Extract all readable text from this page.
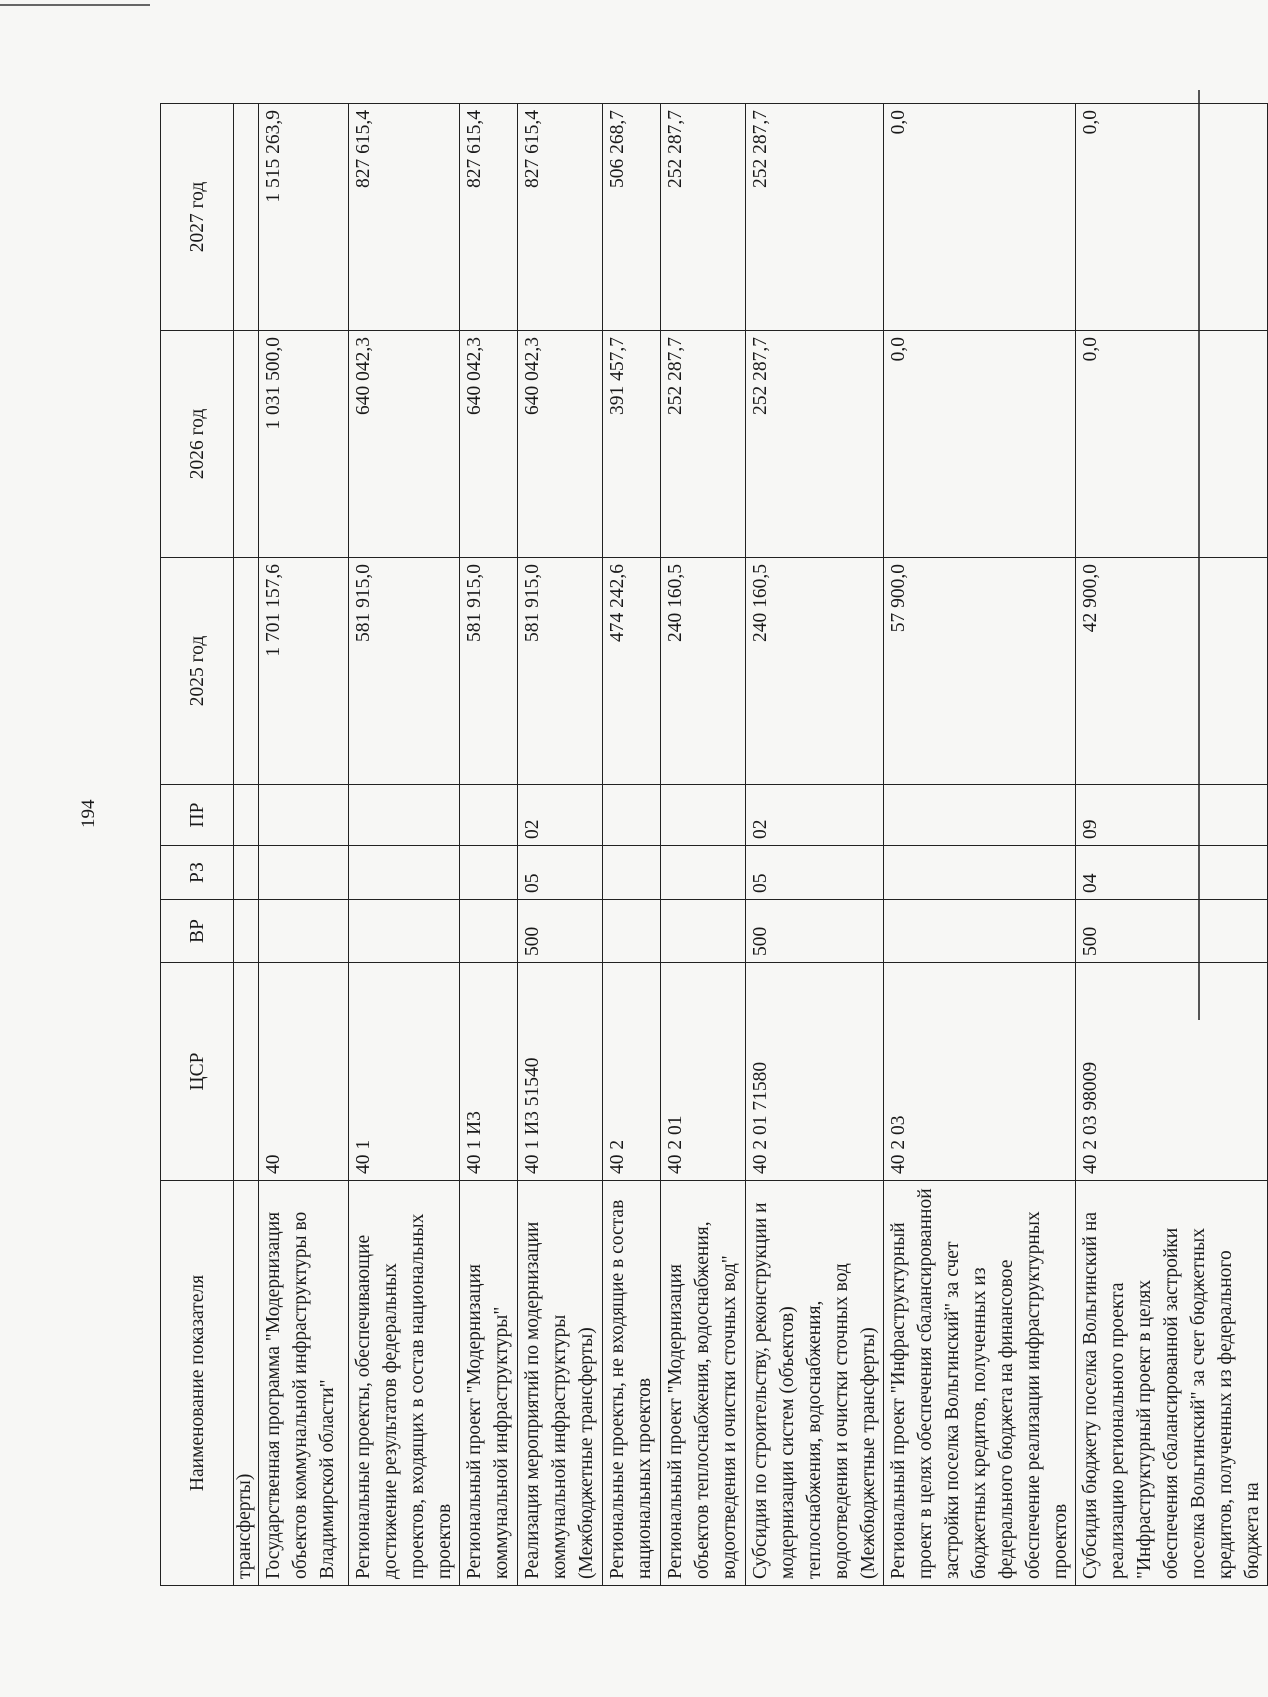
194
Наименование показателя	ЦСР	ВР	РЗ	ПР	2025 год	2026 год	2027 год
трансферты)							
Государственная программа "Модернизация объектов коммунальной инфраструктуры во Владимирской области"	40				1 701 157,6	1 031 500,0	1 515 263,9
Региональные проекты, обеспечивающие достижение результатов федеральных проектов, входящих в состав национальных проектов	40 1				581 915,0	640 042,3	827 615,4
Региональный проект "Модернизация коммунальной инфраструктуры"	40 1 И3				581 915,0	640 042,3	827 615,4
Реализация мероприятий по модернизации коммунальной инфраструктуры (Межбюджетные трансферты)	40 1 И3 51540	500	05	02	581 915,0	640 042,3	827 615,4
Региональные проекты, не входящие в состав национальных проектов	40 2				474 242,6	391 457,7	506 268,7
Региональный проект "Модернизация объектов теплоснабжения, водоснабжения, водоотведения и очистки сточных вод"	40 2 01				240 160,5	252 287,7	252 287,7
Субсидия по строительству, реконструкции и модернизации систем (объектов) теплоснабжения, водоснабжения, водоотведения и очистки сточных вод (Межбюджетные трансферты)	40 2 01 71580	500	05	02	240 160,5	252 287,7	252 287,7
Региональный проект "Инфраструктурный проект в целях обеспечения сбалансированной застройки поселка Вольгинский" за счет бюджетных кредитов, полученных из федерального бюджета на финансовое обеспечение реализации инфраструктурных проектов	40 2 03				57 900,0	0,0	0,0
Субсидия бюджету поселка Вольгинский на реализацию регионального проекта "Инфраструктурный проект в целях обеспечения сбалансированной застройки поселка Вольгинский" за счет бюджетных кредитов, полученных из федерального бюджета на	40 2 03 98009	500	04	09	42 900,0	0,0	0,0
